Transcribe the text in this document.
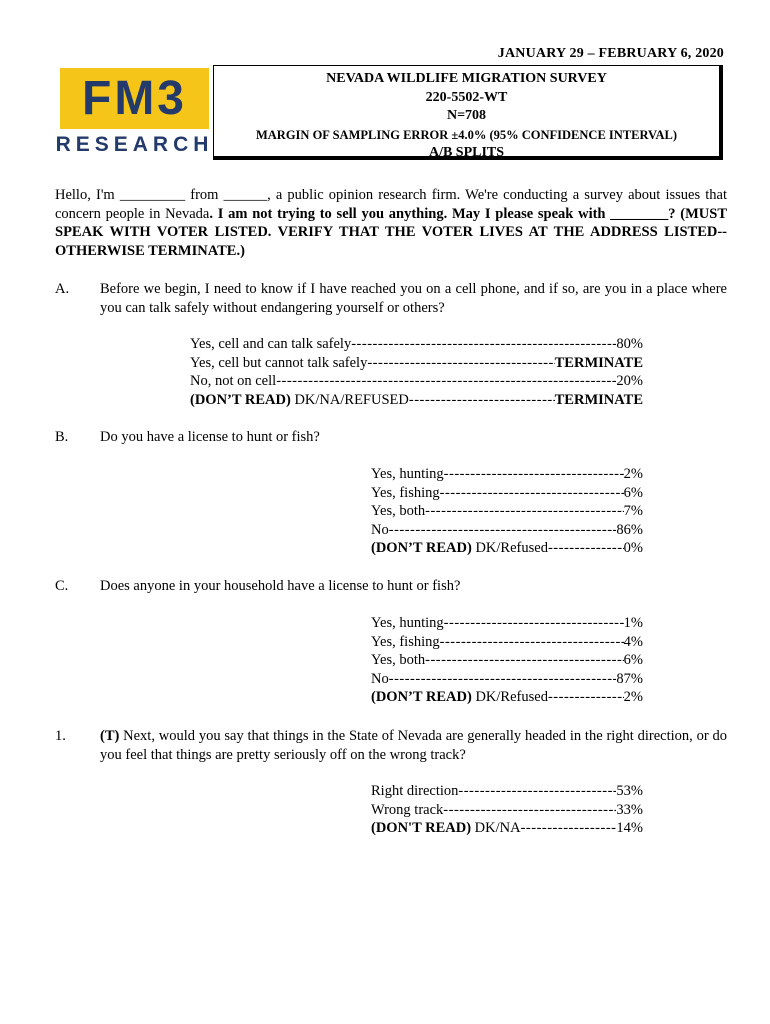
JANUARY 29 – FEBRUARY 6, 2020
FM3
RESEARCH
NEVADA WILDLIFE MIGRATION SURVEY
220-5502-WT
N=708
MARGIN OF SAMPLING ERROR ±4.0% (95% CONFIDENCE INTERVAL)
A/B SPLITS
Hello, I'm _________ from ______, a public opinion research firm. We're conducting a survey about issues that concern people in Nevada. I am not trying to sell you anything. May I please speak with ________? (MUST SPEAK WITH VOTER LISTED. VERIFY THAT THE VOTER LIVES AT THE ADDRESS LISTED--OTHERWISE TERMINATE.)
A. Before we begin, I need to know if I have reached you on a cell phone, and if so, are you in a place where you can talk safely without endangering yourself or others?
Yes, cell and can talk safely -----	80%
Yes, cell but cannot talk safely -----	TERMINATE
No, not on cell -----	20%
(DON’T READ) DK/NA/REFUSED -----	TERMINATE
B. Do you have a license to hunt or fish?
Yes, hunting -----	2%
Yes, fishing -----	6%
Yes, both -----	7%
No -----	86%
(DON’T READ) DK/Refused -----	0%
C. Does anyone in your household have a license to hunt or fish?
Yes, hunting -----	1%
Yes, fishing -----	4%
Yes, both -----	6%
No -----	87%
(DON’T READ) DK/Refused -----	2%
1. (T) Next, would you say that things in the State of Nevada are generally headed in the right direction, or do you feel that things are pretty seriously off on the wrong track?
Right direction -----	53%
Wrong track -----	33%
(DON'T READ) DK/NA -----	14%
